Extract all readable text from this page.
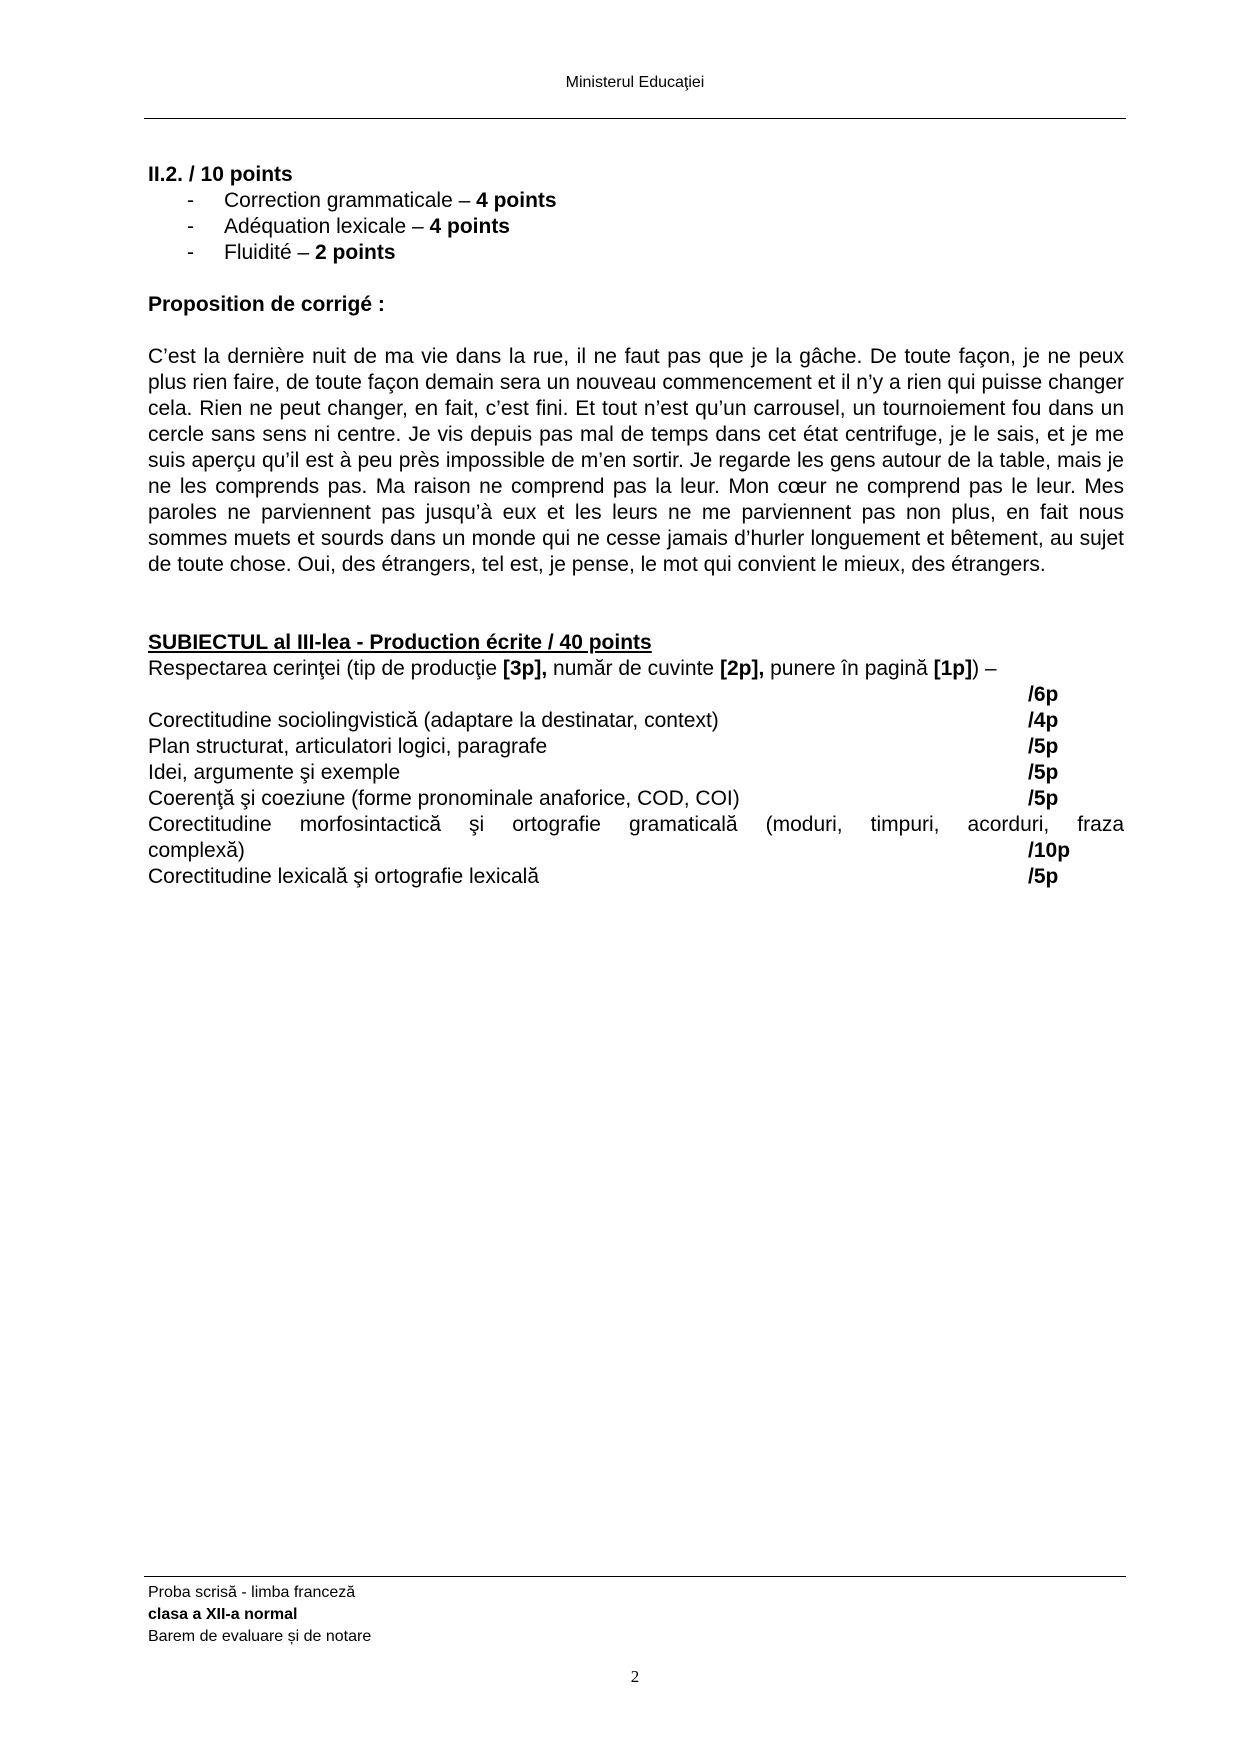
Ministerul Educaţiei
II.2. / 10 points
- Correction grammaticale – 4 points
- Adéquation lexicale – 4 points
- Fluidité – 2 points
Proposition de corrigé :

C’est la dernière nuit de ma vie dans la rue, il ne faut pas que je la gâche. De toute façon, je ne peux plus rien faire, de toute façon demain sera un nouveau commencement et il n’y a rien qui puisse changer cela. Rien ne peut changer, en fait, c’est fini. Et tout n’est qu’un carrousel, un tournoiement fou dans un cercle sans sens ni centre. Je vis depuis pas mal de temps dans cet état centrifuge, je le sais, et je me suis aperçu qu’il est à peu près impossible de m’en sortir. Je regarde les gens autour de la table, mais je ne les comprends pas. Ma raison ne comprend pas la leur. Mon cœur ne comprend pas le leur. Mes paroles ne parviennent pas jusqu’à eux et les leurs ne me parviennent pas non plus, en fait nous sommes muets et sourds dans un monde qui ne cesse jamais d’hurler longuement et bêtement, au sujet de toute chose. Oui, des étrangers, tel est, je pense, le mot qui convient le mieux, des étrangers.

SUBIECTUL al III-lea - Production écrite / 40 points
Respectarea cerinţei (tip de producţie [3p], număr de cuvinte [2p], punere în pagină [1p]) –
/6p
Corectitudine sociolingvistică (adaptare la destinatar, context)	/4p
Plan structurat, articulatori logici, paragrafe	/5p
Idei, argumente şi exemple	/5p
Coerenţă şi coeziune (forme pronominale anaforice, COD, COI)	/5p
Corectitudine morfosintactică şi ortografie gramaticală (moduri, timpuri, acorduri, fraza
complexă)	/10p
Corectitudine lexicală şi ortografie lexicală	/5p
Proba scrisă - limba franceză
clasa a XII-a normal
Barem de evaluare și de notare
2
